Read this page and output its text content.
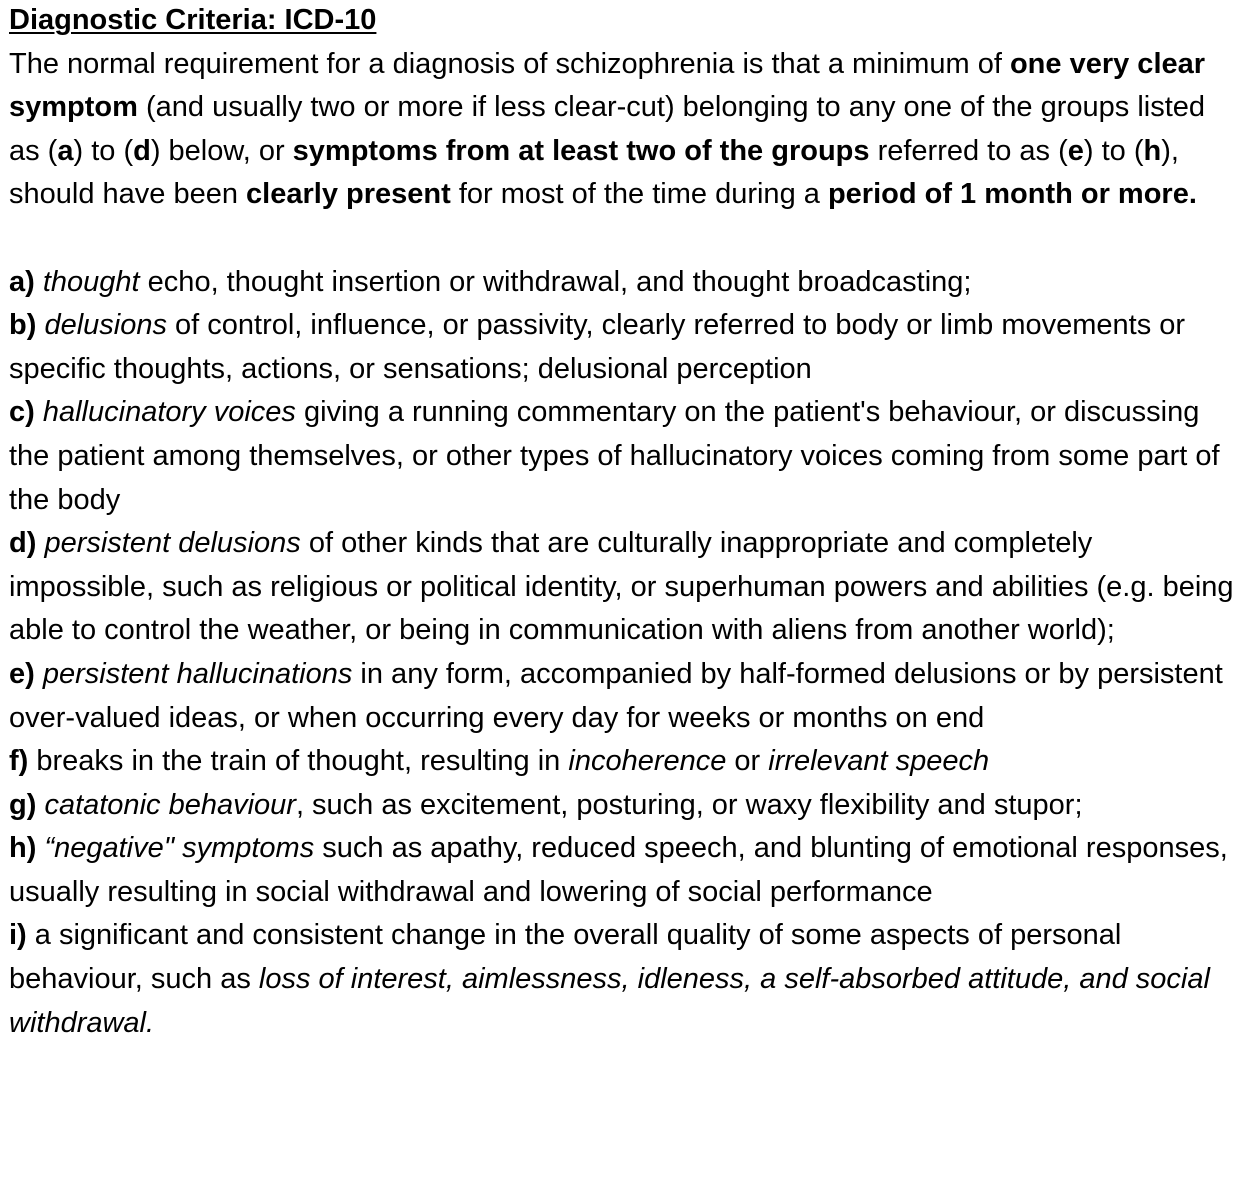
Diagnostic Criteria: ICD-10

The normal requirement for a diagnosis of schizophrenia is that a minimum of one very clear symptom (and usually two or more if less clear-cut) belonging to any one of the groups listed as (a) to (d) below, or symptoms from at least two of the groups referred to as (e) to (h), should have been clearly present for most of the time during a period of 1 month or more.

a) thought echo, thought insertion or withdrawal, and thought broadcasting;

b) delusions of control, influence, or passivity, clearly referred to body or limb movements or specific thoughts, actions, or sensations; delusional perception

c) hallucinatory voices giving a running commentary on the patient's behaviour, or discussing the patient among themselves, or other types of hallucinatory voices coming from some part of the body

d) persistent delusions of other kinds that are culturally inappropriate and completely impossible, such as religious or political identity, or superhuman powers and abilities (e.g. being able to control the weather, or being in communication with aliens from another world);

e) persistent hallucinations in any form, accompanied by half-formed delusions or by persistent over-valued ideas, or when occurring every day for weeks or months on end

f) breaks in the train of thought, resulting in incoherence or irrelevant speech

g) catatonic behaviour, such as excitement, posturing, or waxy flexibility and stupor;

h) “negative" symptoms such as apathy, reduced speech, and blunting of emotional responses, usually resulting in social withdrawal and lowering of social performance

i) a significant and consistent change in the overall quality of some aspects of personal behaviour, such as loss of interest, aimlessness, idleness, a self-absorbed attitude, and social withdrawal.
